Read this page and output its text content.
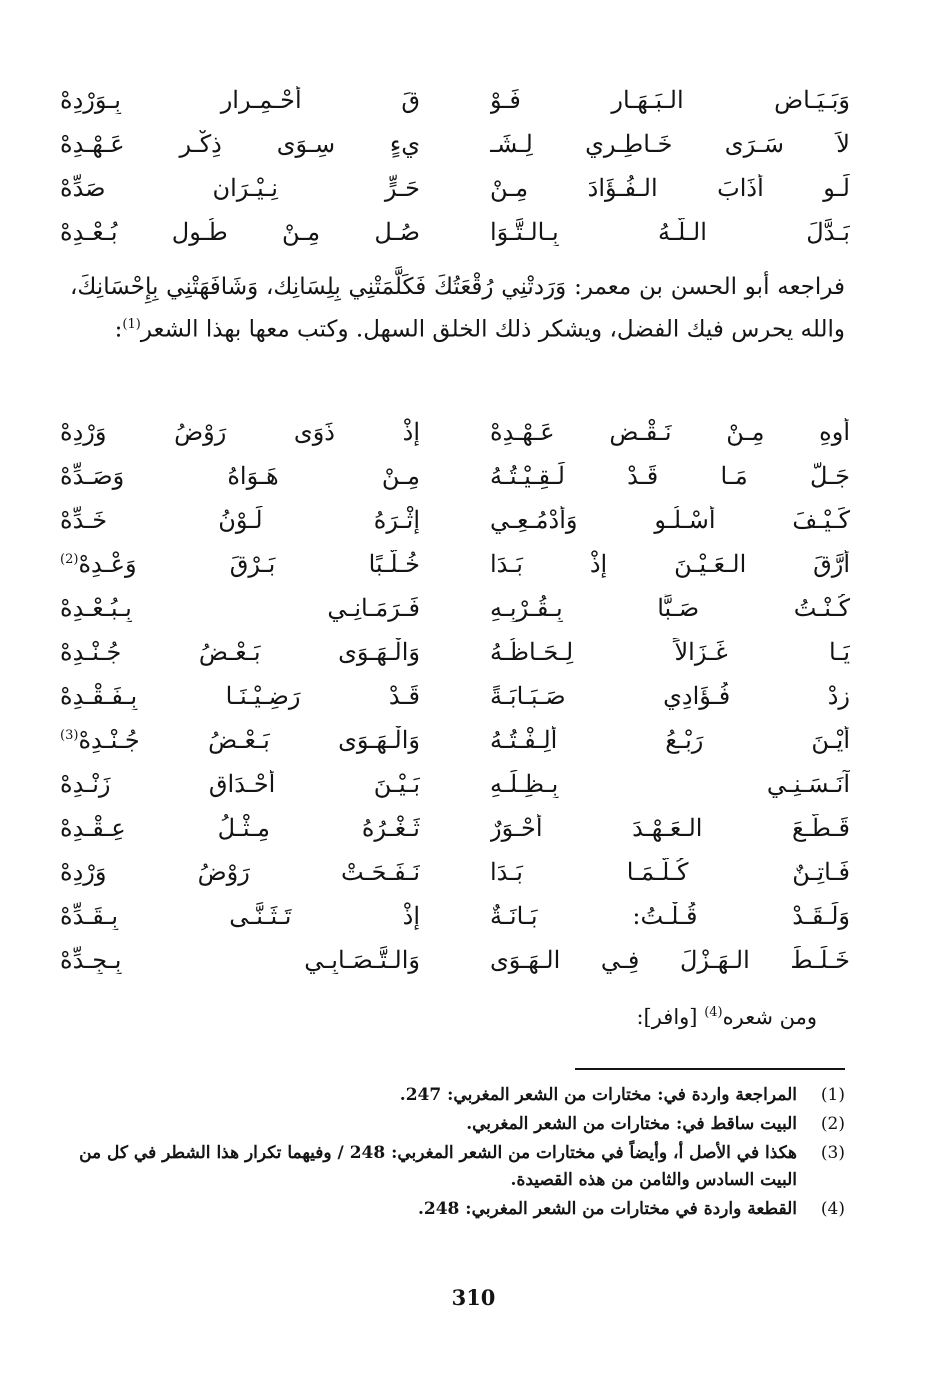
وَبَـيَـاضِ الـبَـهَـارِ فَـوْ
قَ أَحْـمِـرارٍ بِـوَرْدِهْ
لاَ سَـرَى خَـاطِـرِي لِـشَـ
يءٍ سِـوَى ذِكْـرِ عَـهْـدِهْ
لَـو أَذَابَ الـفُـؤَادَ مِـنْ
حَـرٍّ نِـيْـرَانِ صَدِّهْ
بَـدَّلَ الـلَّـهُ بِـالـتَّـوَا
صُـلِ مِـنْ طُـولِ بُـعْـدِهْ
فراجعه أبو الحسن بن معمر: وَرَدتْنِي رُقْعَتُكَ فَكَلَّمَتْنِي بِلِسَانِك، وَشَافَهَتْنِي بِإِحْسَانِكَ، والله يحرس فيك الفضل، ويشكر ذلك الخلق السهل. وكتب معها بهذا الشعر$^{(1)}$:
أُوهِ مِـنْ نَـقْـضِ عَـهْـدِهْ
إِذْ ذَوَى رَوْضُ وَرْدِهْ
جَـلَّ مَـا قَـدْ لَـقِـيْـتُـهُ
مِـنْ هَـوَاهُ وَصَـدِّهْ
كَـيْـفَ أَسْـلُـو وَأَدْمُـعِـي
إِثْـرَهُ لَـوْنُ خَـدِّهْ
أَرَّقَ الـعَـيْـنَ إِذْ بَـدَا
خُـلَّـبًا بَـرْقَ وَعْـدِهْ$^{(2)}$
كُـنْـتُ صَـبًّا بِـقُـرْبِـهِ
فَـرَمَـانِـي بِـبُـعْـدِهْ
يَـا غَـزَالاً لِـحَـاظُـهُ
وَالْـهَـوَى بَـعْـضُ جُـنْـدِهْ
زِدْ فُـؤَادِي صَـبَـابَـةً
قَـدْ رَضِـيْـنَـا بِـفَـقْـدِهْ
أَيْـنَ رَبْـعُ أَلِـفْـتُـهُ
وَالْـهَـوَى بَـعْـضُ جُـنْـدِهْ$^{(3)}$
آنَـسَـنِـي بِـظِـلِّـهِ
بَـيْـنَ أَحْـدَاقِ زَنْـدِهْ
قَـطَّـعَ الـعَـهْـدَ أَحْـوَرٌ
ثَـغْـرُهُ مِـثْـلُ عِـقْـدِهْ
فَـاتِـنٌ كُـلَّـمَـا بَـدَا
نَـفَـحَـتْ رَوْضُ وَرْدِهْ
وَلَـقَـدْ قُـلْـتُ: بَـانَـةٌ
إِذْ تَـثَـنَّـى بِـقَـدِّهْ
خَـلَـطَ الـهَـزْلَ فِـي الـهَـوَى
وَالـتَّـصَـابِـي بِـجِـدِّهْ
ومن شعره$^{(4)}$ [وافر]:
(1)
المراجعة واردة في: مختارات من الشعر المغربي: 247.
(2)
البيت ساقط في: مختارات من الشعر المغربي.
(3)
هكذا في الأصل أ، وأيضاً في مختارات من الشعر المغربي: 248 / وفيهما تكرار هذا الشطر في كل من البيت السادس والثامن من هذه القصيدة.
(4)
القطعة واردة في مختارات من الشعر المغربي: 248.
310
